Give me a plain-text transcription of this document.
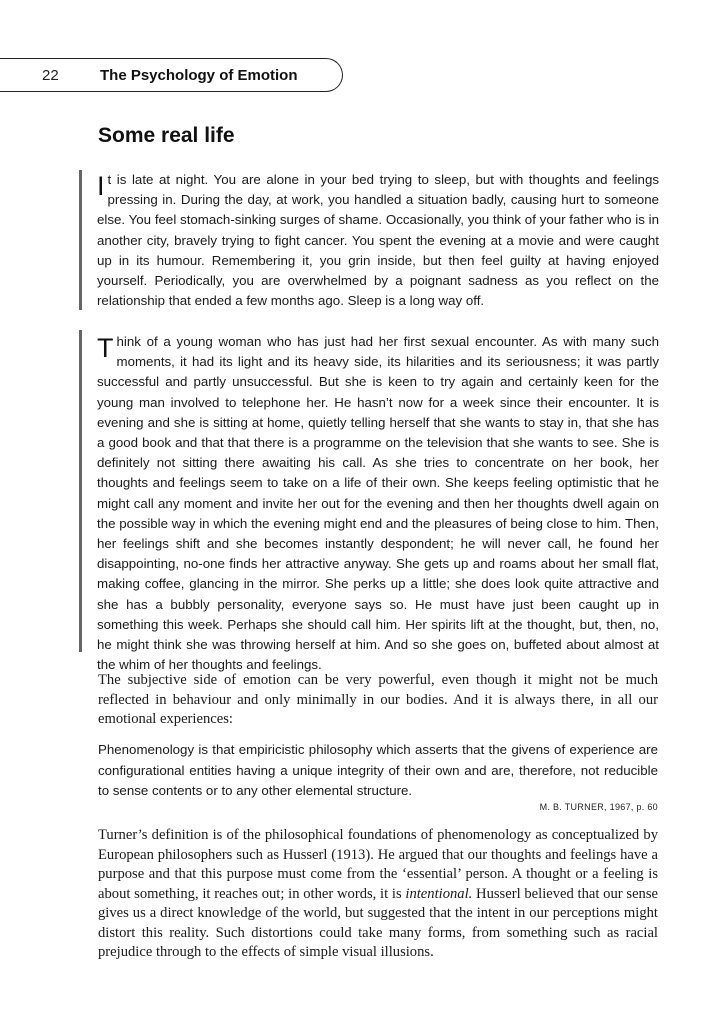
22	The Psychology of Emotion
Some real life

I t is late at night. You are alone in your bed trying to sleep, but with thoughts and feelings pressing in. During the day, at work, you handled a situation badly, causing hurt to someone else. You feel stomach-sinking surges of shame. Occasionally, you think of your father who is in another city, bravely trying to fight cancer. You spent the evening at a movie and were caught up in its humour. Remembering it, you grin inside, but then feel guilty at having enjoyed yourself. Periodically, you are overwhelmed by a poignant sadness as you reflect on the relationship that ended a few months ago. Sleep is a long way off.

T hink of a young woman who has just had her first sexual encounter. As with many such moments, it had its light and its heavy side, its hilarities and its seriousness; it was partly successful and partly unsuccessful. But she is keen to try again and certainly keen for the young man involved to telephone her. He hasn’t now for a week since their encounter. It is evening and she is sitting at home, quietly telling herself that she wants to stay in, that she has a good book and that that there is a programme on the television that she wants to see. She is definitely not sitting there awaiting his call. As she tries to concentrate on her book, her thoughts and feelings seem to take on a life of their own. She keeps feeling optimistic that he might call any moment and invite her out for the evening and then her thoughts dwell again on the possible way in which the evening might end and the pleasures of being close to him. Then, her feelings shift and she becomes instantly despondent; he will never call, he found her disappointing, no-one finds her attractive anyway. She gets up and roams about her small flat, making coffee, glancing in the mirror. She perks up a little; she does look quite attractive and she has a bubbly personality, everyone says so. He must have just been caught up in something this week. Perhaps she should call him. Her spirits lift at the thought, but, then, no, he might think she was throwing herself at him. And so she goes on, buffeted about almost at the whim of her thoughts and feelings.

The subjective side of emotion can be very powerful, even though it might not be much reflected in behaviour and only minimally in our bodies. And it is always there, in all our emotional experiences:

Phenomenology is that empiricistic philosophy which asserts that the givens of experience are configurational entities having a unique integrity of their own and are, therefore, not reducible to sense contents or to any other elemental structure.

M. B. TURNER, 1967, p. 60

Turner’s definition is of the philosophical foundations of phenomenology as conceptualized by European philosophers such as Husserl (1913). He argued that our thoughts and feelings have a purpose and that this purpose must come from the ‘essential’ person. A thought or a feeling is about something, it reaches out; in other words, it is intentional. Husserl believed that our sense gives us a direct knowledge of the world, but suggested that the intent in our perceptions might distort this reality. Such distortions could take many forms, from something such as racial prejudice through to the effects of simple visual illusions.
